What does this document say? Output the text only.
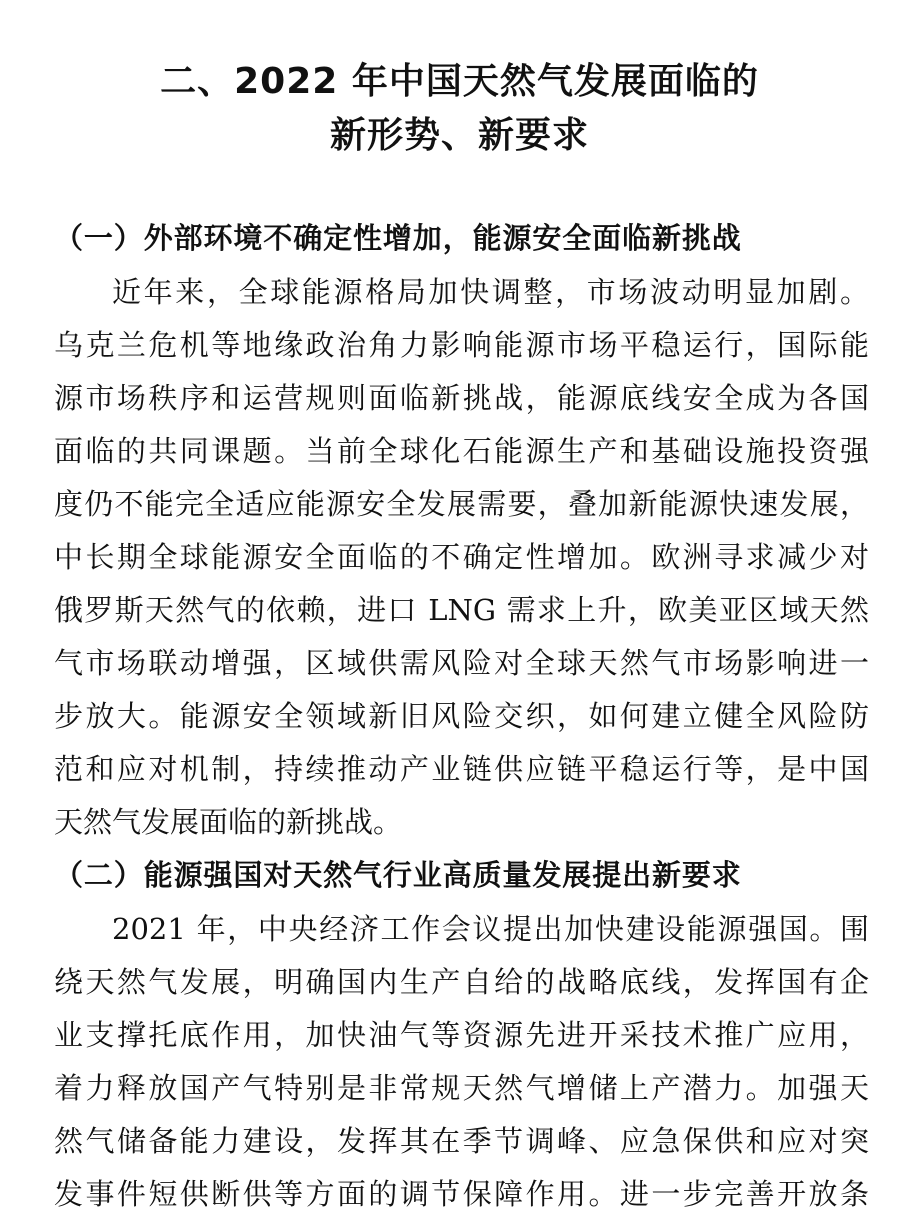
二、2022 年中国天然气发展面临的
新形势、新要求
（一）外部环境不确定性增加，能源安全面临新挑战
近年来，全球能源格局加快调整，市场波动明显加剧。
乌克兰危机等地缘政治角力影响能源市场平稳运行，国际能
源市场秩序和运营规则面临新挑战，能源底线安全成为各国
面临的共同课题。当前全球化石能源生产和基础设施投资强
度仍不能完全适应能源安全发展需要，叠加新能源快速发展，
中长期全球能源安全面临的不确定性增加。欧洲寻求减少对
俄罗斯天然气的依赖，进口 LNG 需求上升，欧美亚区域天然
气市场联动增强，区域供需风险对全球天然气市场影响进一
步放大。能源安全领域新旧风险交织，如何建立健全风险防
范和应对机制，持续推动产业链供应链平稳运行等，是中国
天然气发展面临的新挑战。
（二）能源强国对天然气行业高质量发展提出新要求
2021 年，中央经济工作会议提出加快建设能源强国。围
绕天然气发展，明确国内生产自给的战略底线，发挥国有企
业支撑托底作用，加快油气等资源先进开采技术推广应用，
着力释放国产气特别是非常规天然气增储上产潜力。加强天
然气储备能力建设，发挥其在季节调峰、应急保供和应对突
发事件短供断供等方面的调节保障作用。进一步完善开放条
